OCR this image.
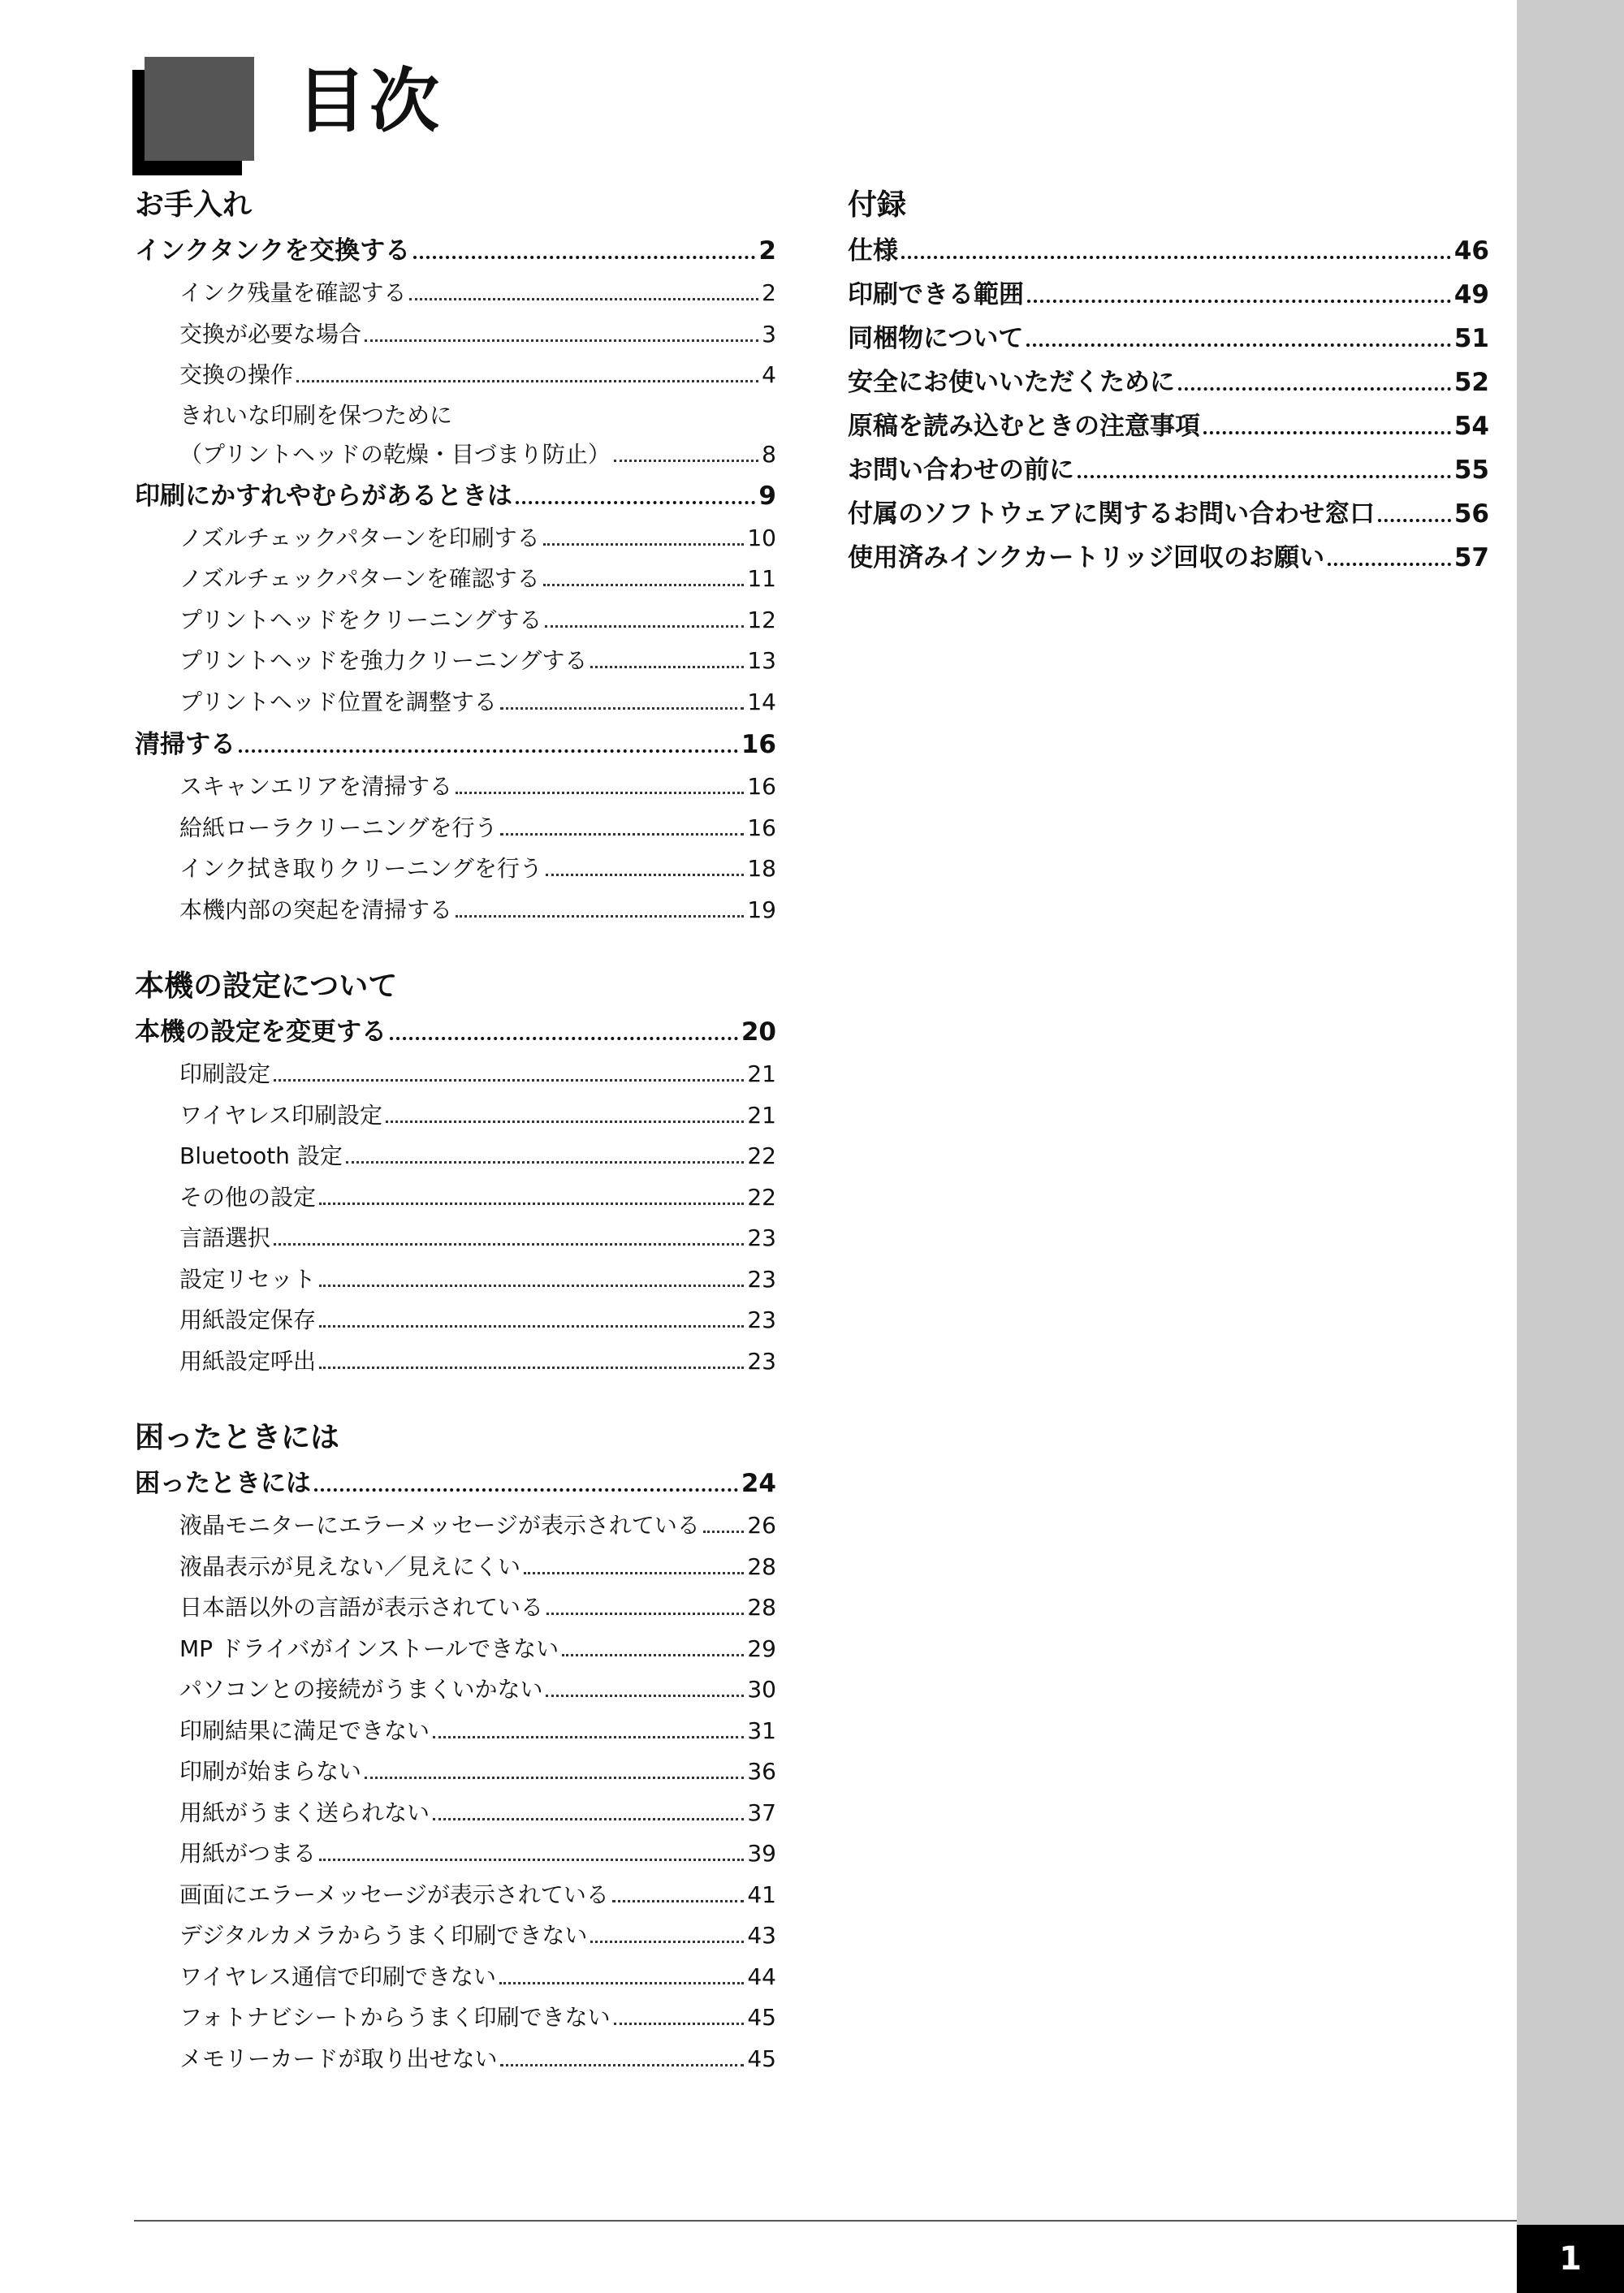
1
目次
お手入れ
インクタンクを交換する	2
インク残量を確認する	2
交換が必要な場合	3
交換の操作	4
きれいな印刷を保つために
（プリントヘッドの乾燥・目づまり防止）	8
印刷にかすれやむらがあるときは	9
ノズルチェックパターンを印刷する	10
ノズルチェックパターンを確認する	11
プリントヘッドをクリーニングする	12
プリントヘッドを強力クリーニングする	13
プリントヘッド位置を調整する	14
清掃する	16
スキャンエリアを清掃する	16
給紙ローラクリーニングを行う	16
インク拭き取りクリーニングを行う	18
本機内部の突起を清掃する	19
本機の設定について
本機の設定を変更する	20
印刷設定	21
ワイヤレス印刷設定	21
Bluetooth 設定	22
その他の設定	22
言語選択	23
設定リセット	23
用紙設定保存	23
用紙設定呼出	23
困ったときには
困ったときには	24
液晶モニターにエラーメッセージが表示されている 26
液晶表示が見えない／見えにくい	28
日本語以外の言語が表示されている	28
MP ドライバがインストールできない	29
パソコンとの接続がうまくいかない	30
印刷結果に満足できない	31
印刷が始まらない	36
用紙がうまく送られない	37
用紙がつまる	39
画面にエラーメッセージが表示されている	41
デジタルカメラからうまく印刷できない	43
ワイヤレス通信で印刷できない	44
フォトナビシートからうまく印刷できない	45
メモリーカードが取り出せない	45
付録
仕様	46
印刷できる範囲	49
同梱物について	51
安全にお使いいただくために	52
原稿を読み込むときの注意事項	54
お問い合わせの前に	55
付属のソフトウェアに関するお問い合わせ窓口	56
使用済みインクカートリッジ回収のお願い	57
